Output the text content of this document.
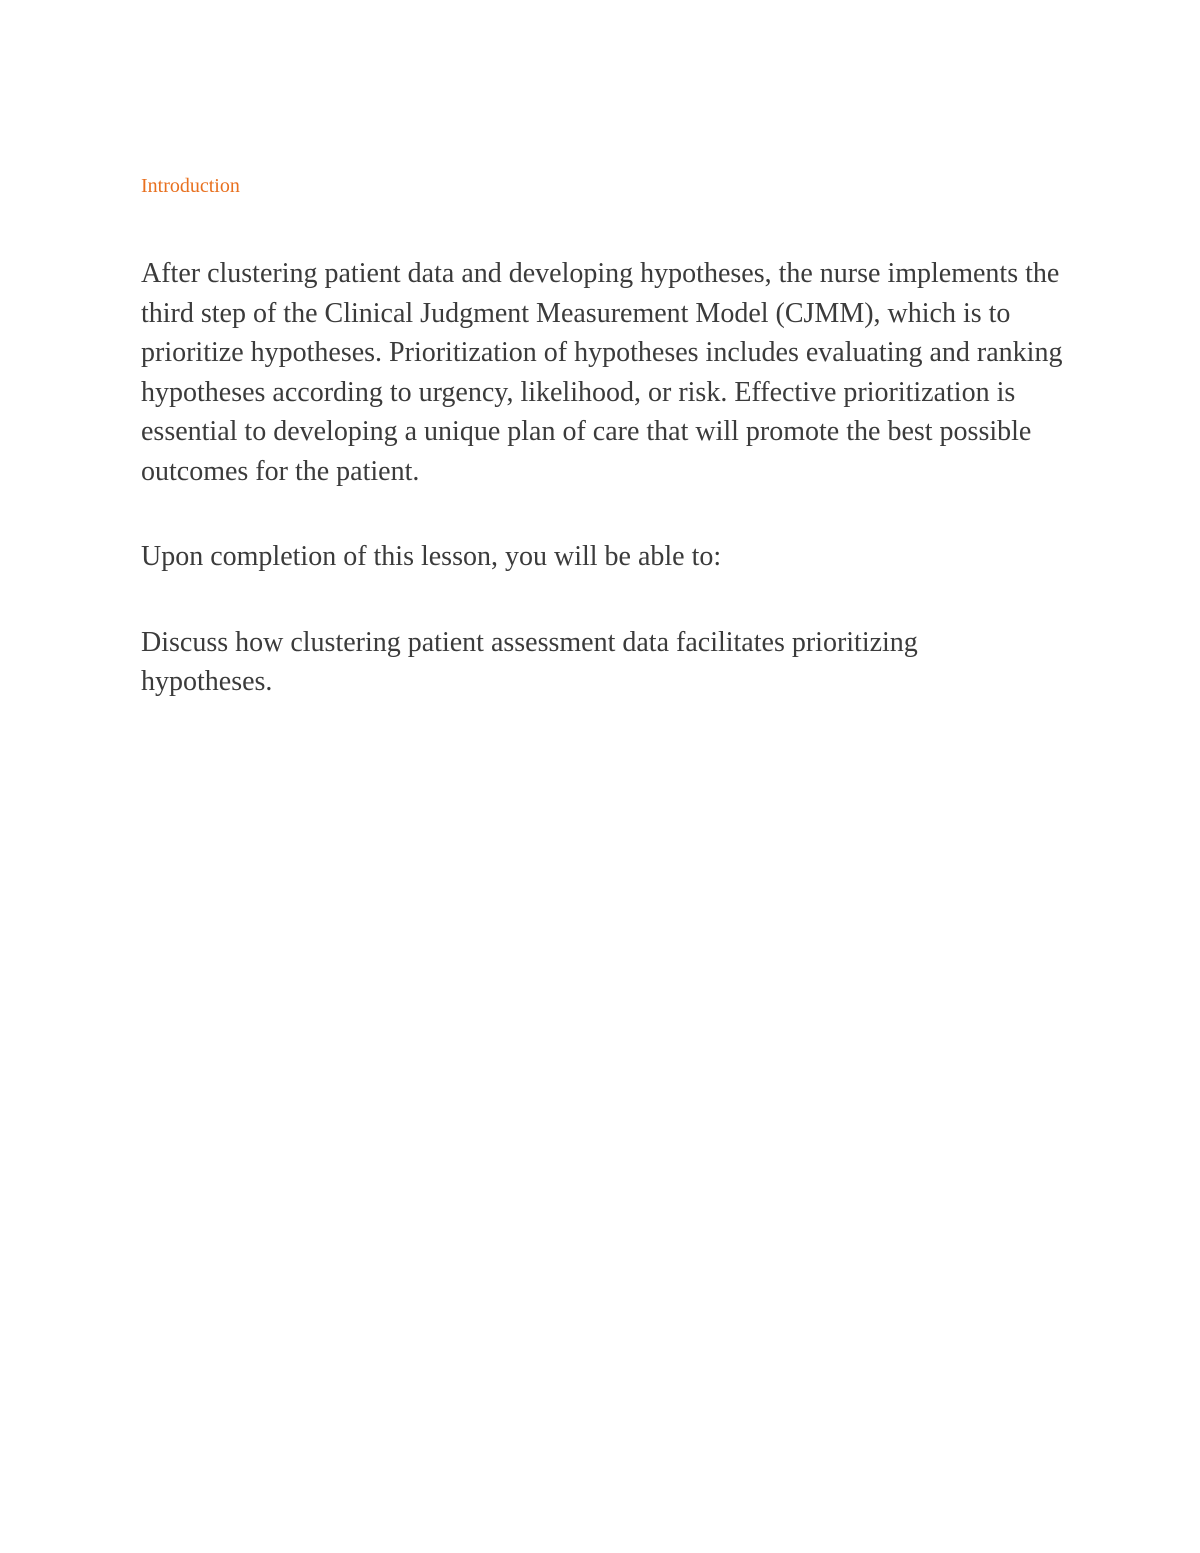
Introduction

After clustering patient data and developing hypotheses, the nurse implements the third step of the Clinical Judgment Measurement Model (CJMM), which is to prioritize hypotheses. Prioritization of hypotheses includes evaluating and ranking hypotheses according to urgency, likelihood, or risk. Effective prioritization is essential to developing a unique plan of care that will promote the best possible outcomes for the patient.

Upon completion of this lesson, you will be able to:

Discuss how clustering patient assessment data facilitates prioritizing hypotheses.
